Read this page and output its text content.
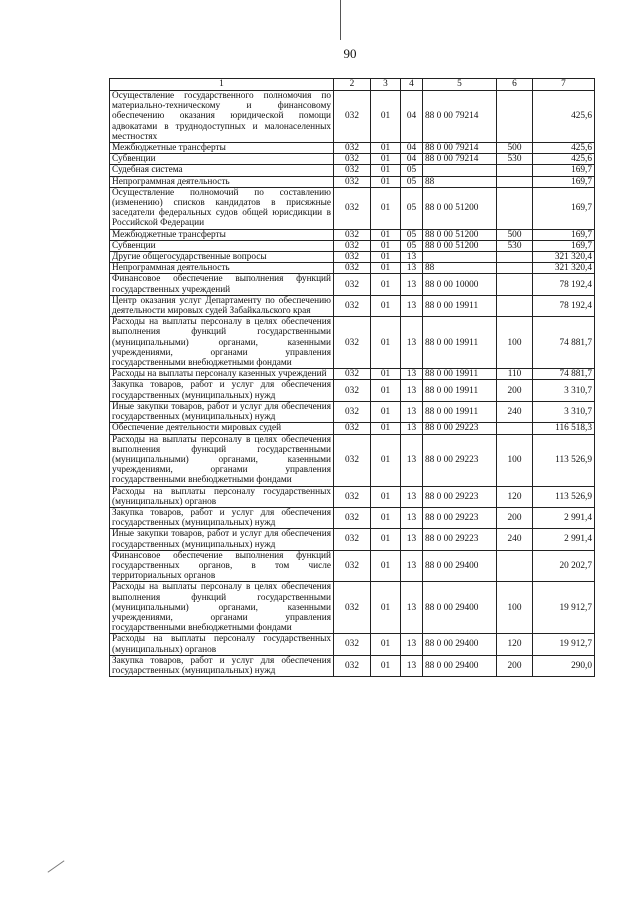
90
1	2	3	4	5	6	7
Осуществление государственного полномочия по материально-техническому и финансовому обеспечению оказания юридической помощи адвокатами в труднодоступных и малонаселенных местностях	032	01	04	88 0 00 79214		425,6
Межбюджетные трансферты	032	01	04	88 0 00 79214	500	425,6
Субвенции	032	01	04	88 0 00 79214	530	425,6
Судебная система	032	01	05			169,7
Непрограммная деятельность	032	01	05	88		169,7
Осуществление полномочий по составлению (изменению) списков кандидатов в присяжные заседатели федеральных судов общей юрисдикции в Российской Федерации	032	01	05	88 0 00 51200		169,7
Межбюджетные трансферты	032	01	05	88 0 00 51200	500	169,7
Субвенции	032	01	05	88 0 00 51200	530	169,7
Другие общегосударственные вопросы	032	01	13			321 320,4
Непрограммная деятельность	032	01	13	88		321 320,4
Финансовое обеспечение выполнения функций государственных учреждений	032	01	13	88 0 00 10000		78 192,4
Центр оказания услуг Департаменту по обеспечению деятельности мировых судей Забайкальского края	032	01	13	88 0 00 19911		78 192,4
Расходы на выплаты персоналу в целях обеспечения выполнения функций государственными (муниципальными) органами, казенными учреждениями, органами управления государственными внебюджетными фондами	032	01	13	88 0 00 19911	100	74 881,7
Расходы на выплаты персоналу казенных учреждений	032	01	13	88 0 00 19911	110	74 881,7
Закупка товаров, работ и услуг для обеспечения государственных (муниципальных) нужд	032	01	13	88 0 00 19911	200	3 310,7
Иные закупки товаров, работ и услуг для обеспечения государственных (муниципальных) нужд	032	01	13	88 0 00 19911	240	3 310,7
Обеспечение деятельности мировых судей	032	01	13	88 0 00 29223		116 518,3
Расходы на выплаты персоналу в целях обеспечения выполнения функций государственными (муниципальными) органами, казенными учреждениями, органами управления государственными внебюджетными фондами	032	01	13	88 0 00 29223	100	113 526,9
Расходы на выплаты персоналу государственных (муниципальных) органов	032	01	13	88 0 00 29223	120	113 526,9
Закупка товаров, работ и услуг для обеспечения государственных (муниципальных) нужд	032	01	13	88 0 00 29223	200	2 991,4
Иные закупки товаров, работ и услуг для обеспечения государственных (муниципальных) нужд	032	01	13	88 0 00 29223	240	2 991,4
Финансовое обеспечение выполнения функций государственных органов, в том числе территориальных органов	032	01	13	88 0 00 29400		20 202,7
Расходы на выплаты персоналу в целях обеспечения выполнения функций государственными (муниципальными) органами, казенными учреждениями, органами управления государственными внебюджетными фондами	032	01	13	88 0 00 29400	100	19 912,7
Расходы на выплаты персоналу государственных (муниципальных) органов	032	01	13	88 0 00 29400	120	19 912,7
Закупка товаров, работ и услуг для обеспечения государственных (муниципальных) нужд	032	01	13	88 0 00 29400	200	290,0
